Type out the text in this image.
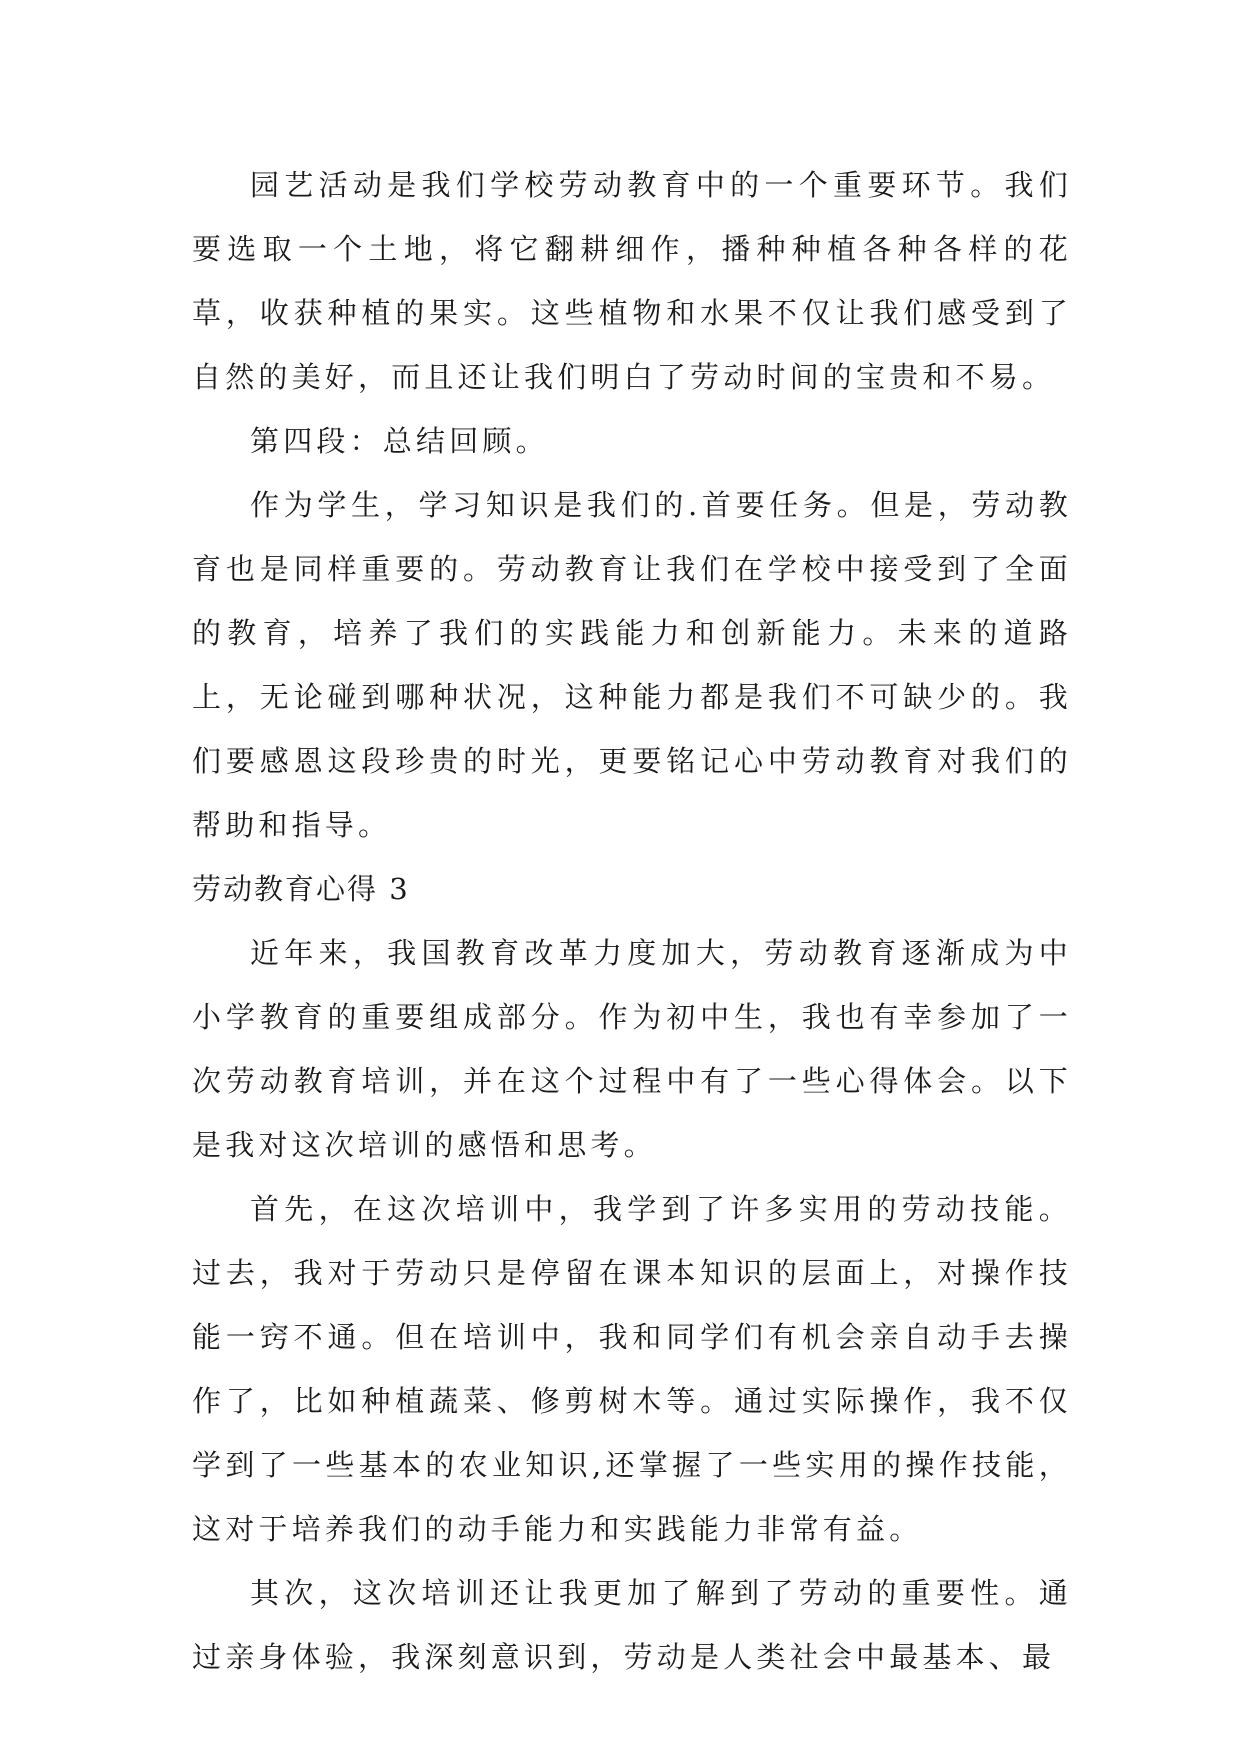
园艺活动是我们学校劳动教育中的一个重要环节。我们要选取一个土地，将它翻耕细作，播种种植各种各样的花草，收获种植的果实。这些植物和水果不仅让我们感受到了自然的美好，而且还让我们明白了劳动时间的宝贵和不易。

第四段：总结回顾。

作为学生，学习知识是我们的.首要任务。但是，劳动教育也是同样重要的。劳动教育让我们在学校中接受到了全面的教育，培养了我们的实践能力和创新能力。未来的道路上，无论碰到哪种状况，这种能力都是我们不可缺少的。我们要感恩这段珍贵的时光，更要铭记心中劳动教育对我们的帮助和指导。

劳动教育心得 3

近年来，我国教育改革力度加大，劳动教育逐渐成为中小学教育的重要组成部分。作为初中生，我也有幸参加了一次劳动教育培训，并在这个过程中有了一些心得体会。以下是我对这次培训的感悟和思考。

首先，在这次培训中，我学到了许多实用的劳动技能。过去，我对于劳动只是停留在课本知识的层面上，对操作技能一窍不通。但在培训中，我和同学们有机会亲自动手去操作了，比如种植蔬菜、修剪树木等。通过实际操作，我不仅学到了一些基本的农业知识,还掌握了一些实用的操作技能，这对于培养我们的动手能力和实践能力非常有益。

其次，这次培训还让我更加了解到了劳动的重要性。通过亲身体验，我深刻意识到，劳动是人类社会中最基本、最
